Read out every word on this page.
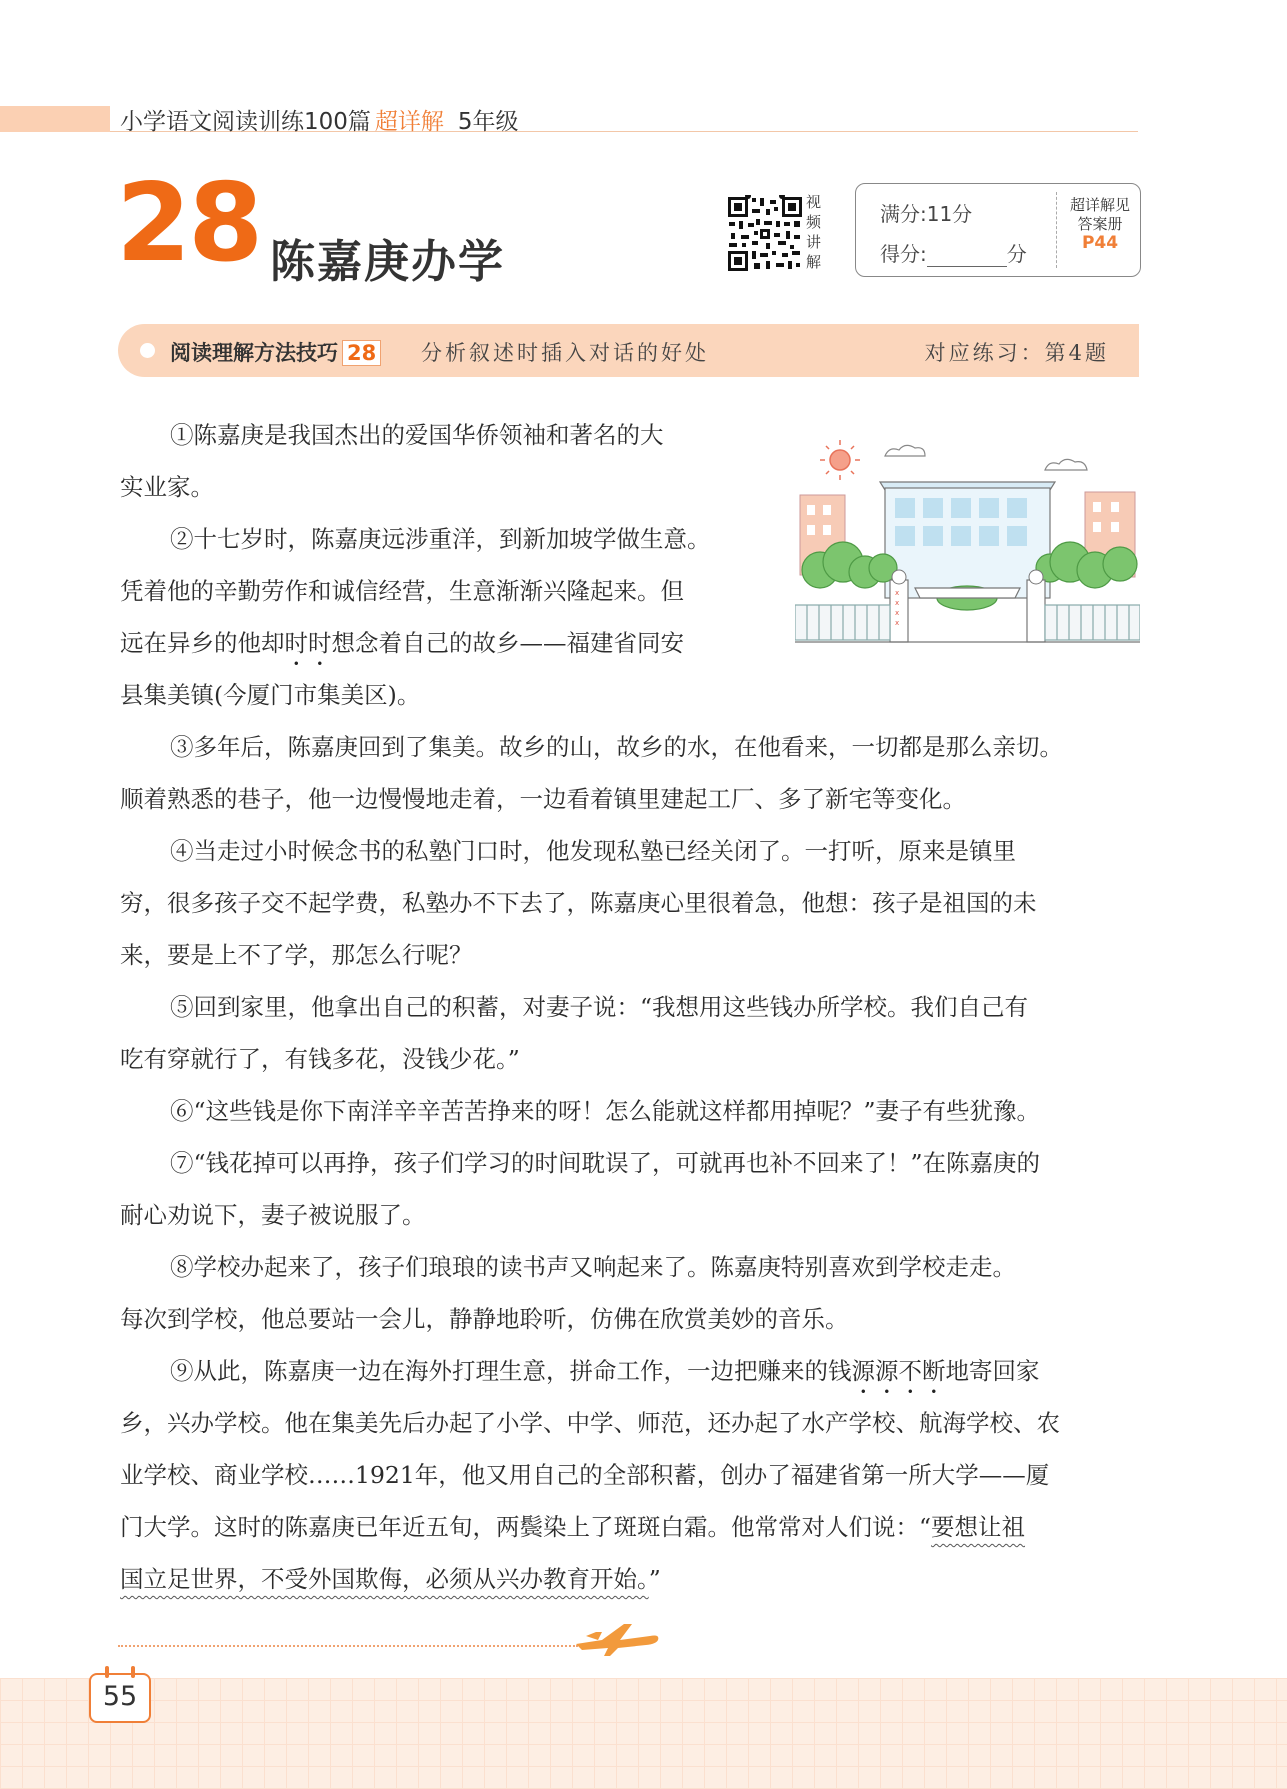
小学语文阅读训练100篇 超详解 5年级
28 陈嘉庚办学
视
频
讲
解
满分:11分
得分:	分
超详解见
答案册
P44
阅读理解方法技巧 28 分析叙述时插入对话的好处	对应练习：第4题
x
x
x
x
①陈嘉庚是我国杰出的爱国华侨领袖和著名的大
实业家。
②十七岁时，陈嘉庚远涉重洋，到新加坡学做生意。
凭着他的辛勤劳作和诚信经营，生意渐渐兴隆起来。但
远在异乡的他却时时想念着自己的故乡——福建省同安
县集美镇(今厦门市集美区)。
③多年后，陈嘉庚回到了集美。故乡的山，故乡的水，在他看来，一切都是那么亲切。
顺着熟悉的巷子，他一边慢慢地走着，一边看着镇里建起工厂、多了新宅等变化。
④当走过小时候念书的私塾门口时，他发现私塾已经关闭了。一打听，原来是镇里
穷，很多孩子交不起学费，私塾办不下去了，陈嘉庚心里很着急，他想：孩子是祖国的未
来，要是上不了学，那怎么行呢？
⑤回到家里，他拿出自己的积蓄，对妻子说：“我想用这些钱办所学校。我们自己有
吃有穿就行了，有钱多花，没钱少花。”
⑥“这些钱是你下南洋辛辛苦苦挣来的呀！怎么能就这样都用掉呢？”妻子有些犹豫。
⑦“钱花掉可以再挣，孩子们学习的时间耽误了，可就再也补不回来了！”在陈嘉庚的
耐心劝说下，妻子被说服了。
⑧学校办起来了，孩子们琅琅的读书声又响起来了。陈嘉庚特别喜欢到学校走走。
每次到学校，他总要站一会儿，静静地聆听，仿佛在欣赏美妙的音乐。
⑨从此，陈嘉庚一边在海外打理生意，拼命工作，一边把赚来的钱源源不断地寄回家
乡，兴办学校。他在集美先后办起了小学、中学、师范，还办起了水产学校、航海学校、农
业学校、商业学校……1921年，他又用自己的全部积蓄，创办了福建省第一所大学——厦
门大学。这时的陈嘉庚已年近五旬，两鬓染上了斑斑白霜。他常常对人们说：“要想让祖
国立足世界，不受外国欺侮，必须从兴办教育开始。”
55
